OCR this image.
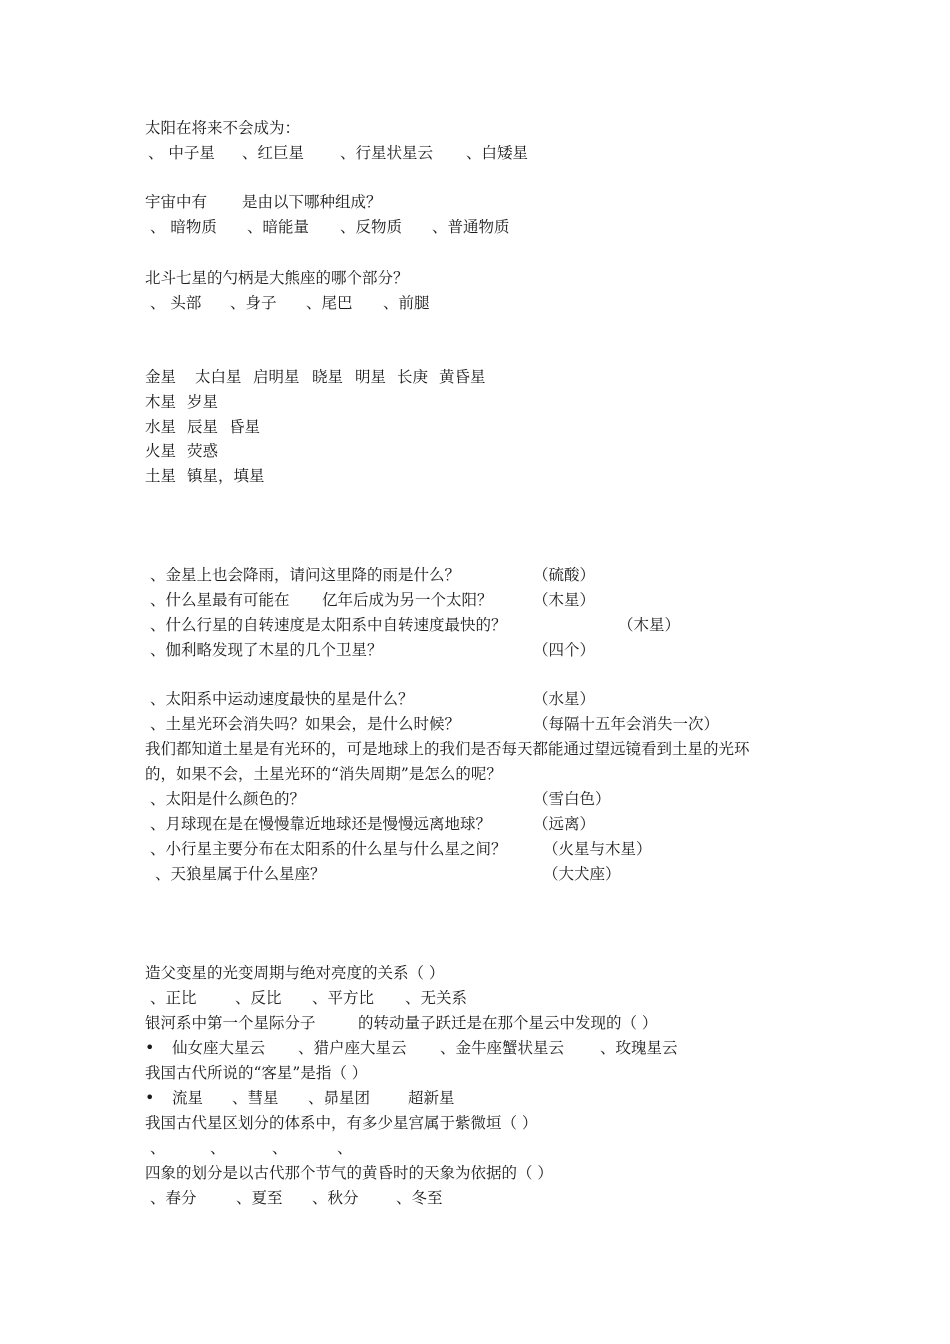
太阳在将来不会成为：
、 中子星 、红巨星 、行星状星云 、白矮星
宇宙中有 是由以下哪种组成？
、 暗物质 、暗能量 、反物质 、普通物质
北斗七星的勺柄是大熊座的哪个部分？
、 头部 、身子 、尾巴 、前腿
金星 太白星 启明星 晓星 明星 长庚 黄昏星
木星 岁星
水星 辰星 昏星
火星 荧惑
土星 镇星，填星
、金星上也会降雨，请问这里降的雨是什么？	（硫酸）
、什么星最有可能在 亿年后成为另一个太阳？	（木星）
、什么行星的自转速度是太阳系中自转速度最快的？	（木星）
、伽利略发现了木星的几个卫星？	（四个）
、太阳系中运动速度最快的星是什么？	（水星）
、土星光环会消失吗？如果会，是什么时候？	（每隔十五年会消失一次）
我们都知道土星是有光环的，可是地球上的我们是否每天都能通过望远镜看到土星的光环
的，如果不会，土星光环的“消失周期”是怎么的呢？
、太阳是什么颜色的？	（雪白色）
、月球现在是在慢慢靠近地球还是慢慢远离地球？	（远离）
、小行星主要分布在太阳系的什么星与什么星之间？ （火星与木星）
、天狼星属于什么星座？	（大犬座）
造父变星的光变周期与绝对亮度的关系（ ）
、正比 、反比 、平方比 、无关系
银河系中第一个星际分子	的转动量子跃迁是在那个星云中发现的（ ）
• 仙女座大星云 、猎户座大星云 、金牛座蟹状星云 、玫瑰星云
我国古代所说的“客星”是指（ ）
• 流星 、彗星 、昴星团 超新星
我国古代星区划分的体系中，有多少星宫属于紫微垣（ ）
、	、	、	、
四象的划分是以古代那个节气的黄昏时的天象为依据的（ ）
、春分	、夏至 、秋分 、冬至
